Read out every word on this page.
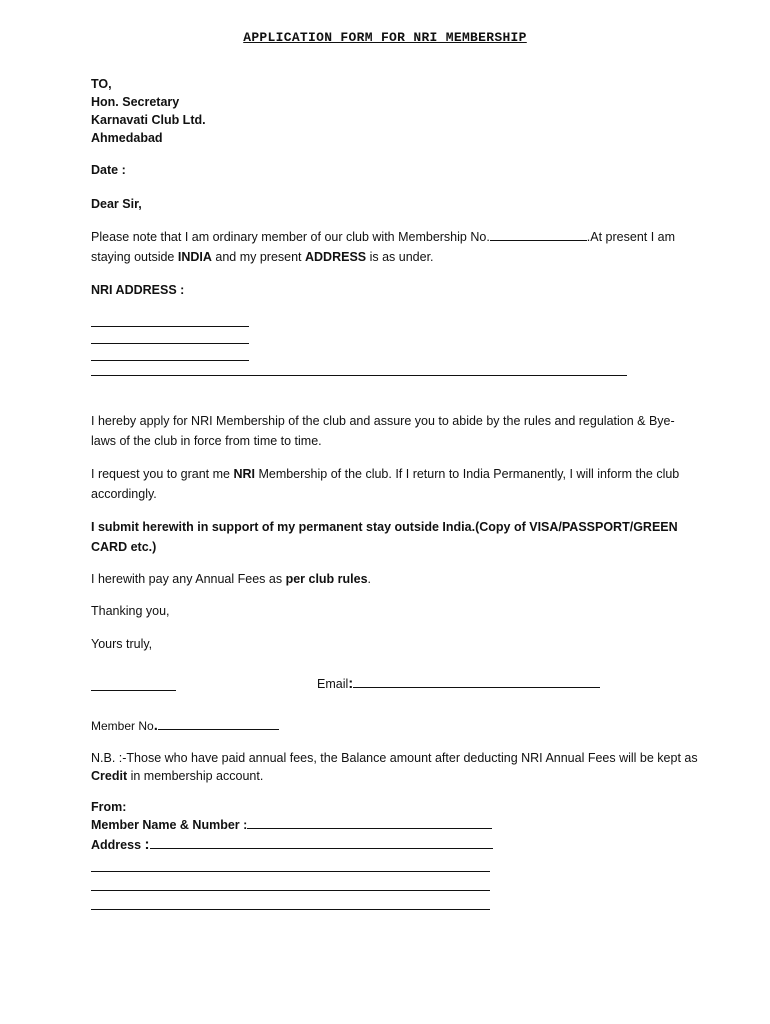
APPLICATION FORM FOR NRI MEMBERSHIP
TO,
Hon. Secretary
Karnavati Club Ltd.
Ahmedabad
Date :
Dear Sir,
Please note that I am ordinary member of our club with Membership No.	.At present I am
staying outside INDIA and my present ADDRESS is as under.
NRI ADDRESS :
I hereby apply for NRI Membership of the club and assure you to abide by the rules and regulation & Bye-laws of the club in force from time to time.
I request you to grant me NRI Membership of the club. If I return to India Permanently, I will inform the club accordingly.
I submit herewith in support of my permanent stay outside India.(Copy of VISA/PASSPORT/GREEN CARD etc.)
I herewith pay any Annual Fees as per club rules.
Thanking you,
Yours truly,
Email:
Member No.
N.B. :-Those who have paid annual fees, the Balance amount after deducting NRI Annual Fees will be kept as Credit in membership account.
From:
Member Name & Number :
Address :
